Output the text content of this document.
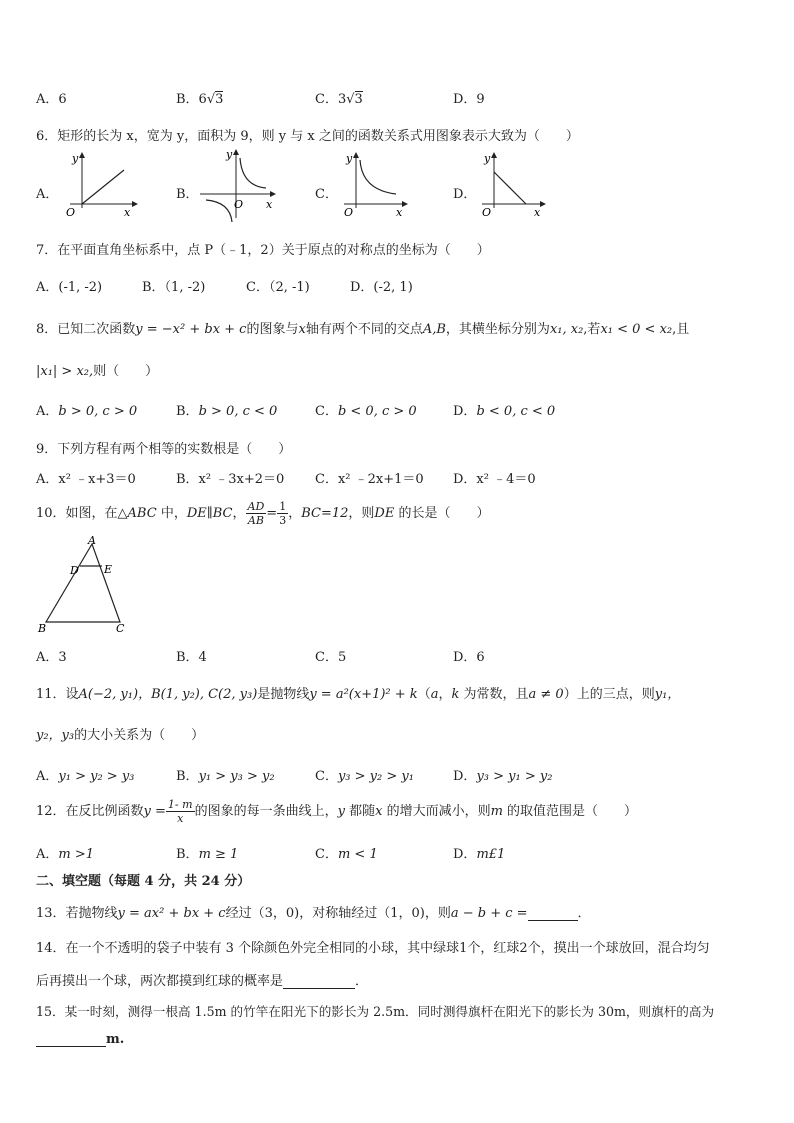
A．6	B．6√3	C．3√3	D．9
6．矩形的长为 x，宽为 y，面积为 9，则 y 与 x 之间的函数关系式用图象表示大致为（　　）
A．
y
O	x
B．
y
O x
C．
y
O	x
D．
y
O	x
7．在平面直角坐标系中，点 P（﹣1，2）关于原点的对称点的坐标为（　　）
A．(-1, -2)	B．（1, -2)	C．（2, -1)	D．(-2, 1)
8．已知二次函数y = −x² + bx + c的图象与x轴有两个不同的交点A,B，其横坐标分别为x₁, x₂,若x₁ < 0 < x₂,且
|x₁| > x₂,则（　　）
A．b > 0, c > 0	B．b > 0, c < 0	C．b < 0, c > 0	D．b < 0, c < 0
9．下列方程有两个相等的实数根是（　　）
A．x² ﹣x+3＝0	B．x² ﹣3x+2＝0 C．x² ﹣2x+1＝0 D．x² ﹣4＝0
10．如图，在△ABC 中，DE∥BC， $\frac{AD}{AB} = \frac{1}{3}$ ，BC=12，则DE 的长是（　　）
A
D E
B	C
A．3	B．4	C．5	D．6
11．设A(−2, y₁)，B(1, y₂), C(2, y₃)是抛物线y = a²(x+1)² + k（a，k 为常数，且a ≠ 0）上的三点，则y₁，
y₂，y₃的大小关系为（　　）
A．y₁ > y₂ > y₃	B．y₁ > y₃ > y₂	C．y₃ > y₂ > y₁	D．y₃ > y₁ > y₂
12．在反比例函数$y = \frac{1- m}{x}$ 的图象的每一条曲线上，y 都随x 的增大而减小，则m 的取值范围是（　　）
A．m >1	B．m ≥ 1	C．m < 1	D．m£1
二、填空题（每题 4 分，共 24 分）
13．若抛物线y = ax² + bx + c经过（3，0)，对称轴经过（1，0)，则a − b + c =	．
14．在一个不透明的袋子中装有 3 个除颜色外完全相同的小球，其中绿球1个，红球2个，摸出一个球放回，混合均匀
后再摸出一个球，两次都摸到红球的概率是	．
15．某一时刻，测得一根高 1.5m 的竹竿在阳光下的影长为 2.5m．同时测得旗杆在阳光下的影长为 30m，则旗杆的高为
m.
